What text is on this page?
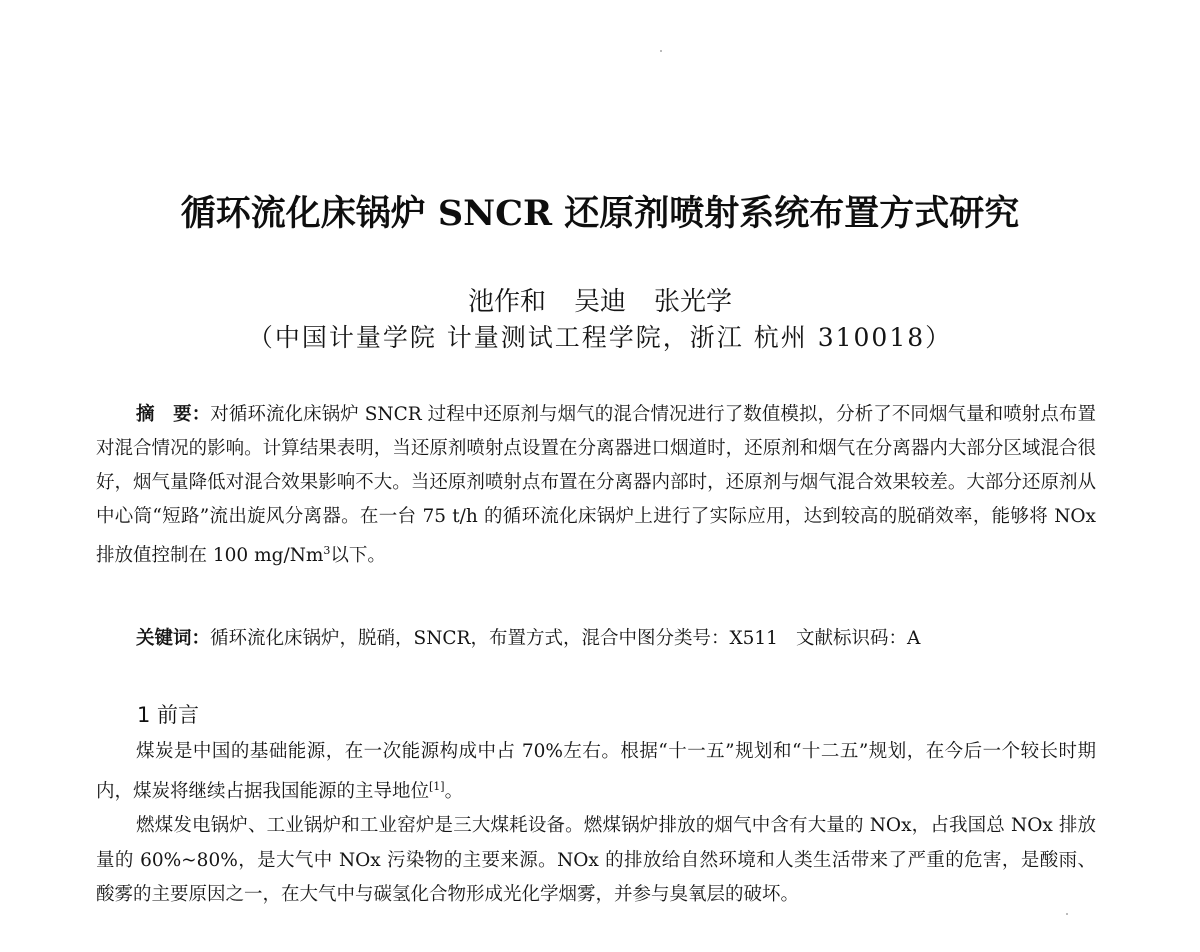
循环流化床锅炉 SNCR 还原剂喷射系统布置方式研究
池作和 吴迪 张光学
（中国计量学院 计量测试工程学院，浙江 杭州 310018）
摘　要：对循环流化床锅炉 SNCR 过程中还原剂与烟气的混合情况进行了数值模拟，分析了不同烟气量和喷射点布置对混合情况的影响。计算结果表明，当还原剂喷射点设置在分离器进口烟道时，还原剂和烟气在分离器内大部分区域混合很好，烟气量降低对混合效果影响不大。当还原剂喷射点布置在分离器内部时，还原剂与烟气混合效果较差。大部分还原剂从中心筒“短路”流出旋风分离器。在一台 75 t/h 的循环流化床锅炉上进行了实际应用，达到较高的脱硝效率，能够将 NOx 排放值控制在 100 mg/Nm$^3$以下。
关键词：循环流化床锅炉，脱硝，SNCR，布置方式，混合中图分类号：X511 文献标识码：A
1 前言

煤炭是中国的基础能源，在一次能源构成中占 70%左右。根据“十一五”规划和“十二五”规划，在今后一个较长时期内，煤炭将继续占据我国能源的主导地位[1]。

燃煤发电锅炉、工业锅炉和工业窑炉是三大煤耗设备。燃煤锅炉排放的烟气中含有大量的 NOx，占我国总 NOx 排放量的 60%~80%，是大气中 NOx 污染物的主要来源。NOx 的排放给自然环境和人类生活带来了严重的危害，是酸雨、酸雾的主要原因之一，在大气中与碳氢化合物形成光化学烟雾，并参与臭氧层的破坏。
